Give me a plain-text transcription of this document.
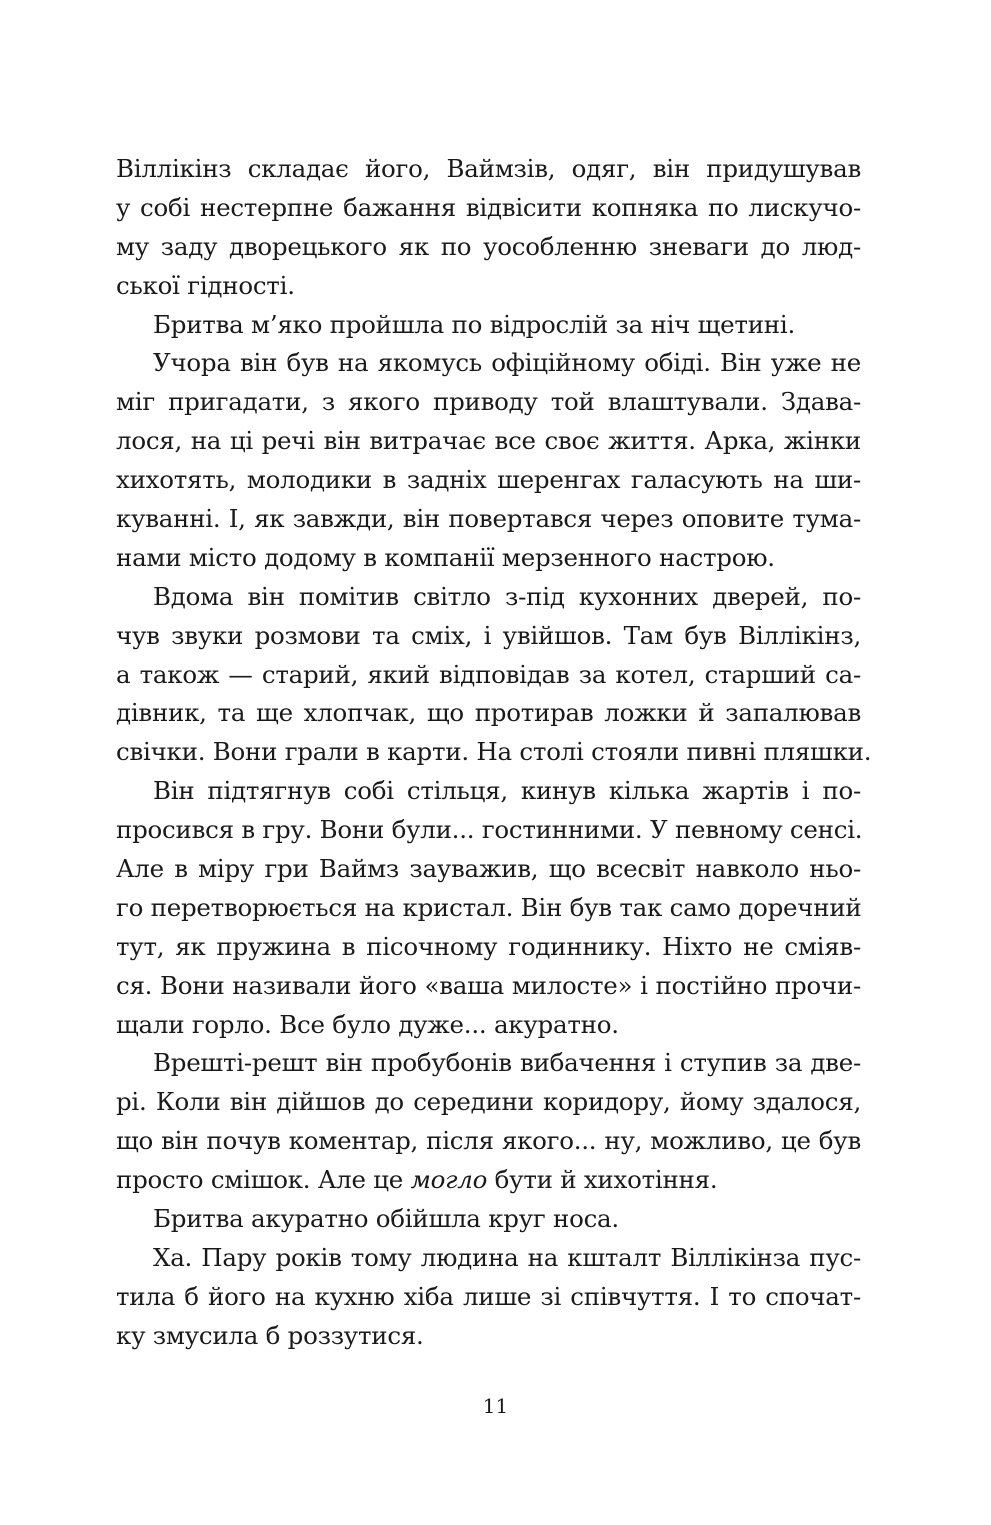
Віллікінз складає його, Ваймзів, одяг, він придушував
у собі нестерпне бажання відвісити копняка по лискучо-
му заду дворецького як по уособленню зневаги до люд-
ської гідності.
Бритва м’яко пройшла по відрослій за ніч щетині.
Учора він був на якомусь офіційному обіді. Він уже не
міг пригадати, з якого приводу той влаштували. Здава-
лося, на ці речі він витрачає все своє життя. Арка, жінки
хихотять, молодики в задніх шеренгах галасують на ши-
куванні. І, як завжди, він повертався через оповите тума-
нами місто додому в компанії мерзенного настрою.
Вдома він помітив світло з-під кухонних дверей, по-
чув звуки розмови та сміх, і увійшов. Там був Віллікінз,
а також — старий, який відповідав за котел, старший са-
дівник, та ще хлопчак, що протирав ложки й запалював
свічки. Вони грали в карти. На столі стояли пивні пляшки.
Він підтягнув собі стільця, кинув кілька жартів і по-
просився в гру. Вони були... гостинними. У певному сенсі.
Але в міру гри Ваймз зауважив, що всесвіт навколо ньо-
го перетворюється на кристал. Він був так само доречний
тут, як пружина в пісочному годиннику. Ніхто не сміяв-
ся. Вони називали його «ваша милосте» і постійно прочи-
щали горло. Все було дуже... акуратно.
Врешті-решт він пробубонів вибачення і ступив за две-
рі. Коли він дійшов до середини коридору, йому здалося,
що він почув коментар, після якого... ну, можливо, це був
просто смішок. Але це могло бути й хихотіння.
Бритва акуратно обійшла круг носа.
Ха. Пару років тому людина на кшталт Віллікінза пус-
тила б його на кухню хіба лише зі співчуття. І то спочат-
ку змусила б роззутися.
11
